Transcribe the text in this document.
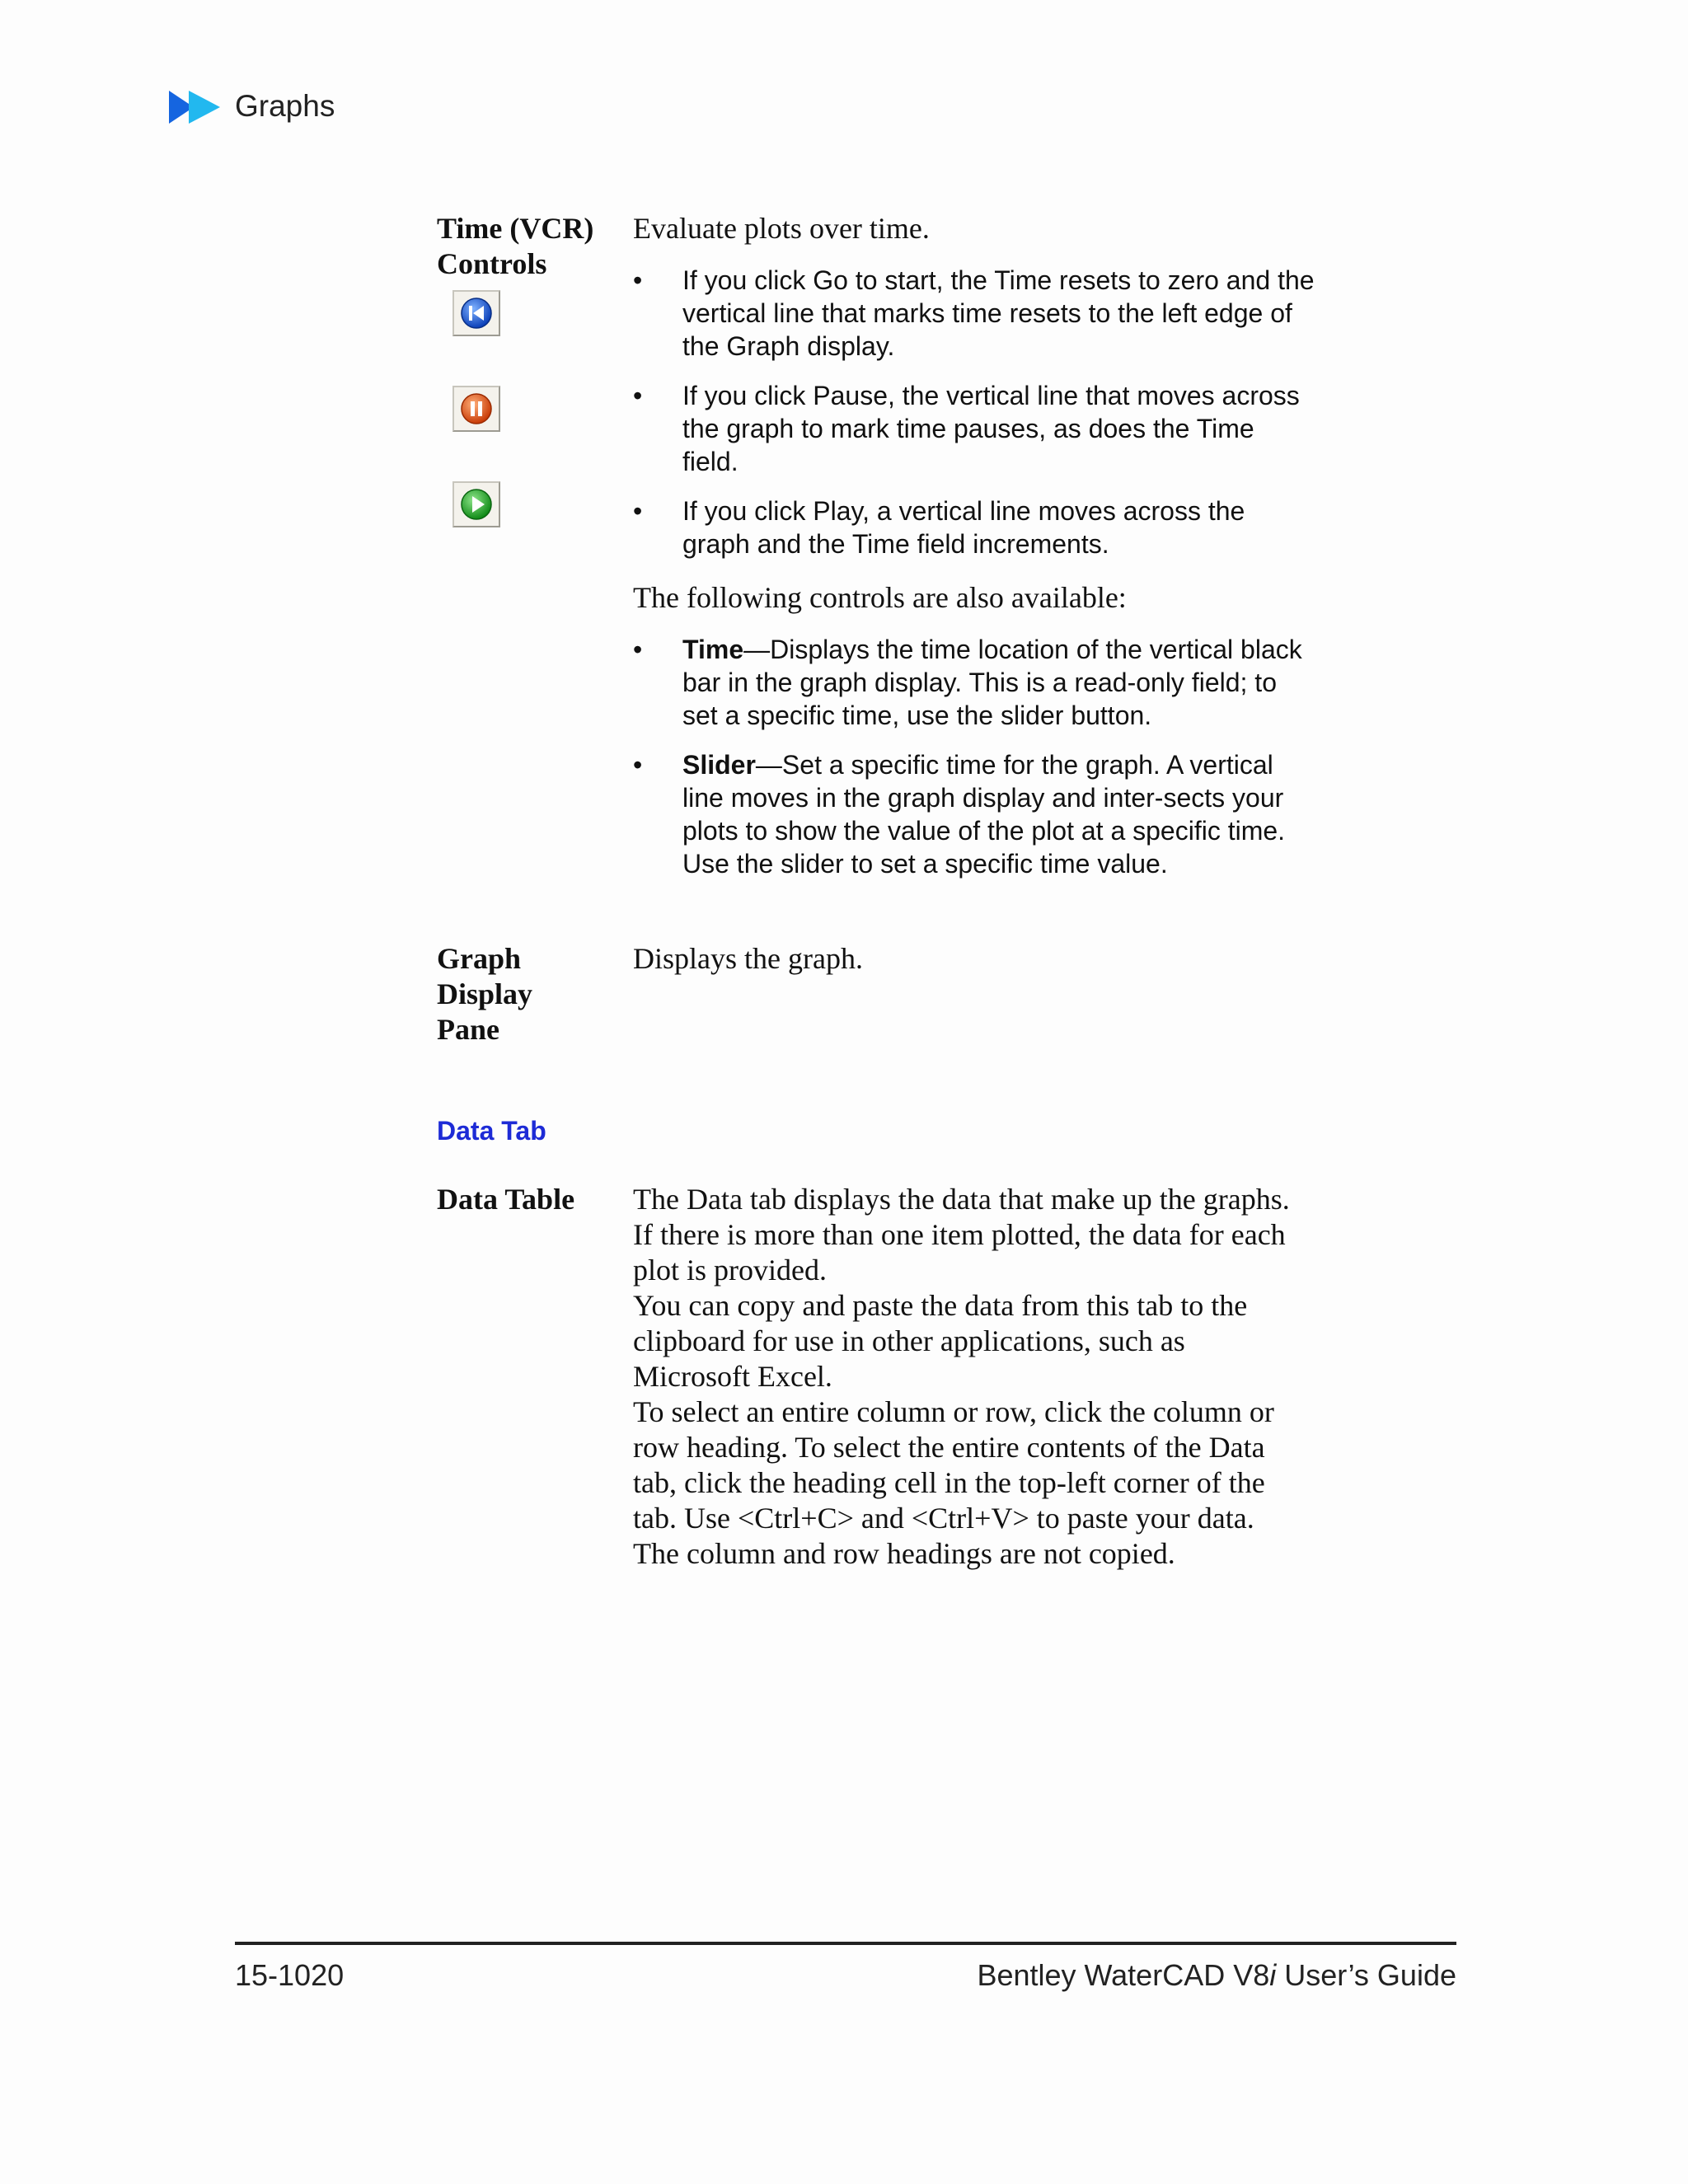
Graphs

Time (VCR)
Controls

Evaluate plots over time.

• If you click Go to start, the Time resets to zero and the vertical line that marks time resets to the left edge of the Graph display.
• If you click Pause, the vertical line that moves across the graph to mark time pauses, as does the Time field.
• If you click Play, a vertical line moves across the graph and the Time field increments.

The following controls are also available:

• Time—Displays the time location of the vertical black bar in the graph display. This is a read-only field; to set a specific time, use the slider button.
• Slider—Set a specific time for the graph. A vertical line moves in the graph display and inter-sects your plots to show the value of the plot at a specific time. Use the slider to set a specific time value.

Graph
Display
Pane

Displays the graph.

Data Tab

Data Table The Data tab displays the data that make up the graphs. If there is more than one item plotted, the data for each plot is provided.
You can copy and paste the data from this tab to the clipboard for use in other applications, such as Microsoft Excel.
To select an entire column or row, click the column or row heading. To select the entire contents of the Data tab, click the heading cell in the top-left corner of the tab. Use <Ctrl+C> and <Ctrl+V> to paste your data. The column and row headings are not copied.
15-1020	Bentley WaterCAD V8i User’s Guide
